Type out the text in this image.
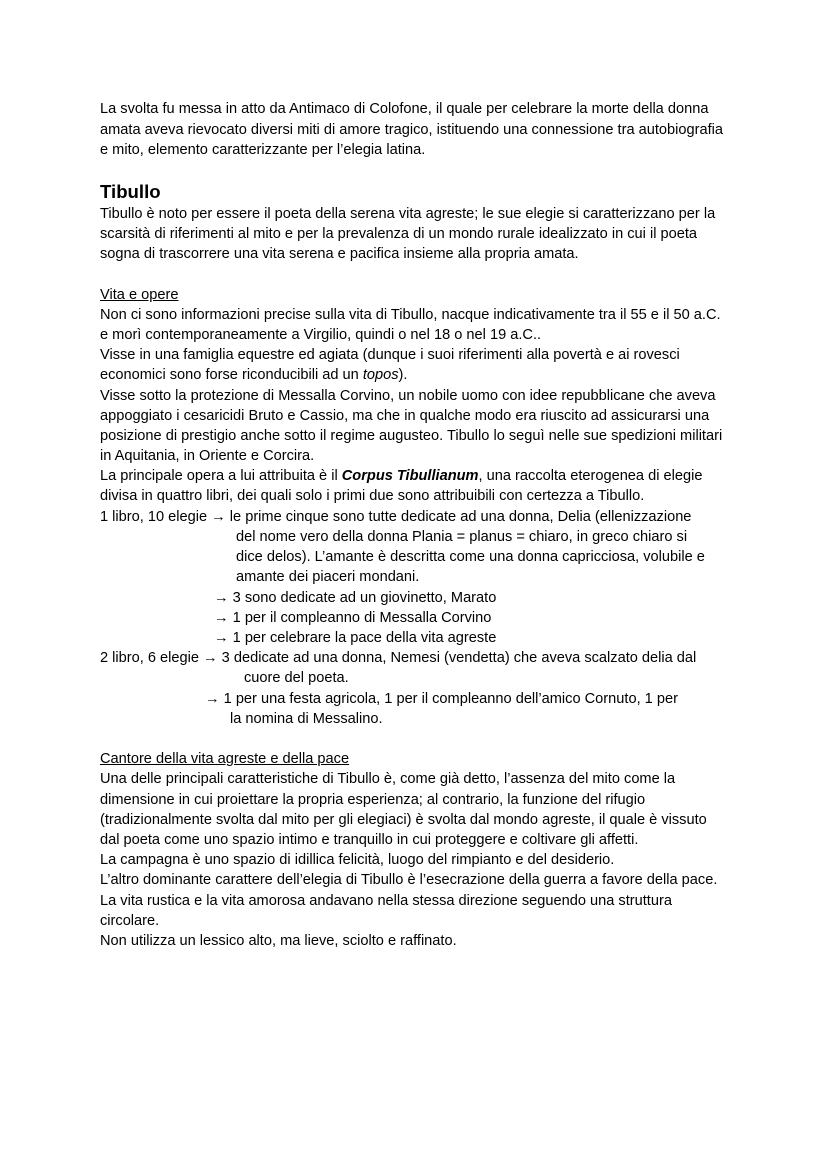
La svolta fu messa in atto da Antimaco di Colofone, il quale per celebrare la morte della donna
amata aveva rievocato diversi miti di amore tragico, istituendo una connessione tra autobiografia
e mito, elemento caratterizzante per l’elegia latina.
Tibullo
Tibullo è noto per essere il poeta della serena vita agreste; le sue elegie si caratterizzano per la
scarsità di riferimenti al mito e per la prevalenza di un mondo rurale idealizzato in cui il poeta
sogna di trascorrere una vita serena e pacifica insieme alla propria amata.
Vita e opere
Non ci sono informazioni precise sulla vita di Tibullo, nacque indicativamente tra il 55 e il 50 a.C.
e morì contemporaneamente a Virgilio, quindi o nel 18 o nel 19 a.C..
Visse in una famiglia equestre ed agiata (dunque i suoi riferimenti alla povertà e ai rovesci
economici sono forse riconducibili ad un topos).
Visse sotto la protezione di Messalla Corvino, un nobile uomo con idee repubblicane che aveva
appoggiato i cesaricidi Bruto e Cassio, ma che in qualche modo era riuscito ad assicurarsi una
posizione di prestigio anche sotto il regime augusteo. Tibullo lo seguì nelle sue spedizioni militari
in Aquitania, in Oriente e Corcira.
La principale opera a lui attribuita è il Corpus Tibullianum, una raccolta eterogenea di elegie
divisa in quattro libri, dei quali solo i primi due sono attribuibili con certezza a Tibullo.
1 libro, 10 elegie → le prime cinque sono tutte dedicate ad una donna, Delia (ellenizzazione
del nome vero della donna Plania = planus = chiaro, in greco chiaro si
dice delos). L’amante è descritta come una donna capricciosa, volubile e
amante dei piaceri mondani.
→ 3 sono dedicate ad un giovinetto, Marato
→ 1 per il compleanno di Messalla Corvino
→ 1 per celebrare la pace della vita agreste
2 libro, 6 elegie → 3 dedicate ad una donna, Nemesi (vendetta) che aveva scalzato delia dal
cuore del poeta.
→ 1 per una festa agricola, 1 per il compleanno dell’amico Cornuto, 1 per
la nomina di Messalino.
Cantore della vita agreste e della pace
Una delle principali caratteristiche di Tibullo è, come già detto, l’assenza del mito come la
dimensione in cui proiettare la propria esperienza; al contrario, la funzione del rifugio
(tradizionalmente svolta dal mito per gli elegiaci) è svolta dal mondo agreste, il quale è vissuto
dal poeta come uno spazio intimo e tranquillo in cui proteggere e coltivare gli affetti.
La campagna è uno spazio di idillica felicità, luogo del rimpianto e del desiderio.
L’altro dominante carattere dell’elegia di Tibullo è l’esecrazione della guerra a favore della pace.
La vita rustica e la vita amorosa andavano nella stessa direzione seguendo una struttura
circolare.
Non utilizza un lessico alto, ma lieve, sciolto e raffinato.
